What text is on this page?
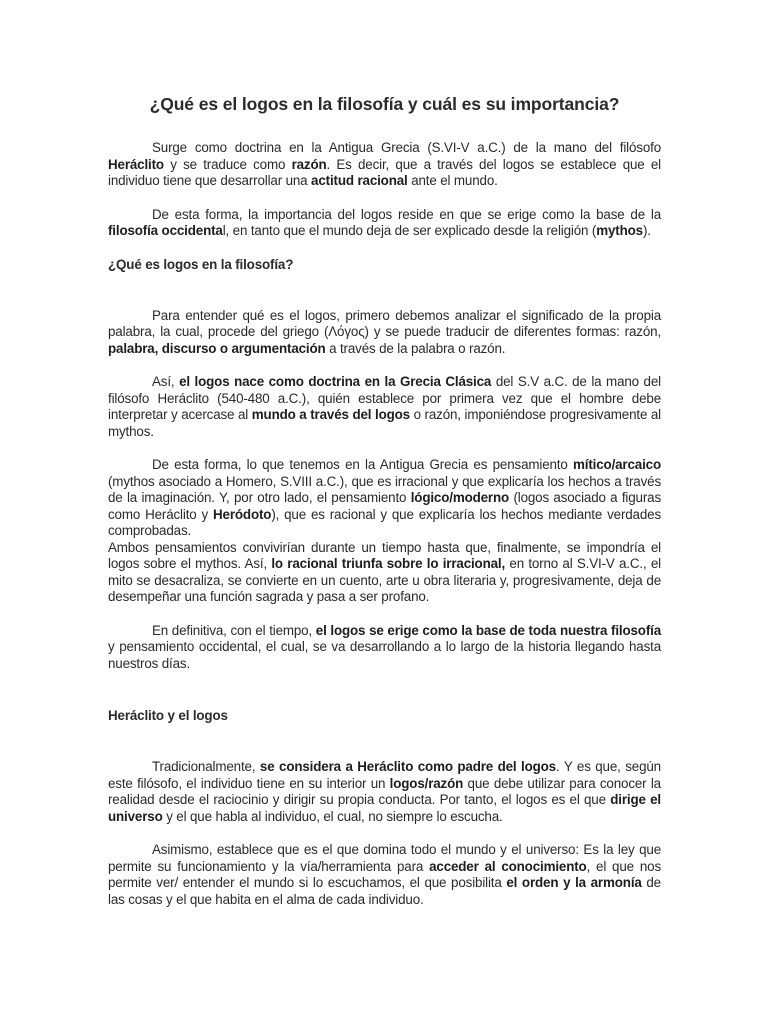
¿Qué es el logos en la filosofía y cuál es su importancia?

Surge como doctrina en la Antigua Grecia (S.VI-V a.C.) de la mano del filósofo Heráclito y se traduce como razón. Es decir, que a través del logos se establece que el individuo tiene que desarrollar una actitud racional ante el mundo.

De esta forma, la importancia del logos reside en que se erige como la base de la filosofía occidental, en tanto que el mundo deja de ser explicado desde la religión (mythos).

¿Qué es logos en la filosofía?

Para entender qué es el logos, primero debemos analizar el significado de la propia palabra, la cual, procede del griego (Λόγος) y se puede traducir de diferentes formas: razón, palabra, discurso o argumentación a través de la palabra o razón.

Así, el logos nace como doctrina en la Grecia Clásica del S.V a.C. de la mano del filósofo Heráclito (540-480 a.C.), quién establece por primera vez que el hombre debe interpretar y acercase al mundo a través del logos o razón, imponiéndose progresivamente al mythos.

De esta forma, lo que tenemos en la Antigua Grecia es pensamiento mítico/arcaico (mythos asociado a Homero, S.VIII a.C.), que es irracional y que explicaría los hechos a través de la imaginación. Y, por otro lado, el pensamiento lógico/moderno (logos asociado a figuras como Heráclito y Heródoto), que es racional y que explicaría los hechos mediante verdades comprobadas.

Ambos pensamientos convivirían durante un tiempo hasta que, finalmente, se impondría el logos sobre el mythos. Así, lo racional triunfa sobre lo irracional, en torno al S.VI-V a.C., el mito se desacraliza, se convierte en un cuento, arte u obra literaria y, progresivamente, deja de desempeñar una función sagrada y pasa a ser profano.

En definitiva, con el tiempo, el logos se erige como la base de toda nuestra filosofía y pensamiento occidental, el cual, se va desarrollando a lo largo de la historia llegando hasta nuestros días.

Heráclito y el logos

Tradicionalmente, se considera a Heráclito como padre del logos. Y es que, según este filósofo, el individuo tiene en su interior un logos/razón que debe utilizar para conocer la realidad desde el raciocinio y dirigir su propia conducta. Por tanto, el logos es el que dirige el universo y el que habla al individuo, el cual, no siempre lo escucha.

Asimismo, establece que es el que domina todo el mundo y el universo: Es la ley que permite su funcionamiento y la vía/herramienta para acceder al conocimiento, el que nos permite ver/ entender el mundo si lo escuchamos, el que posibilita el orden y la armonía de las cosas y el que habita en el alma de cada individuo.
